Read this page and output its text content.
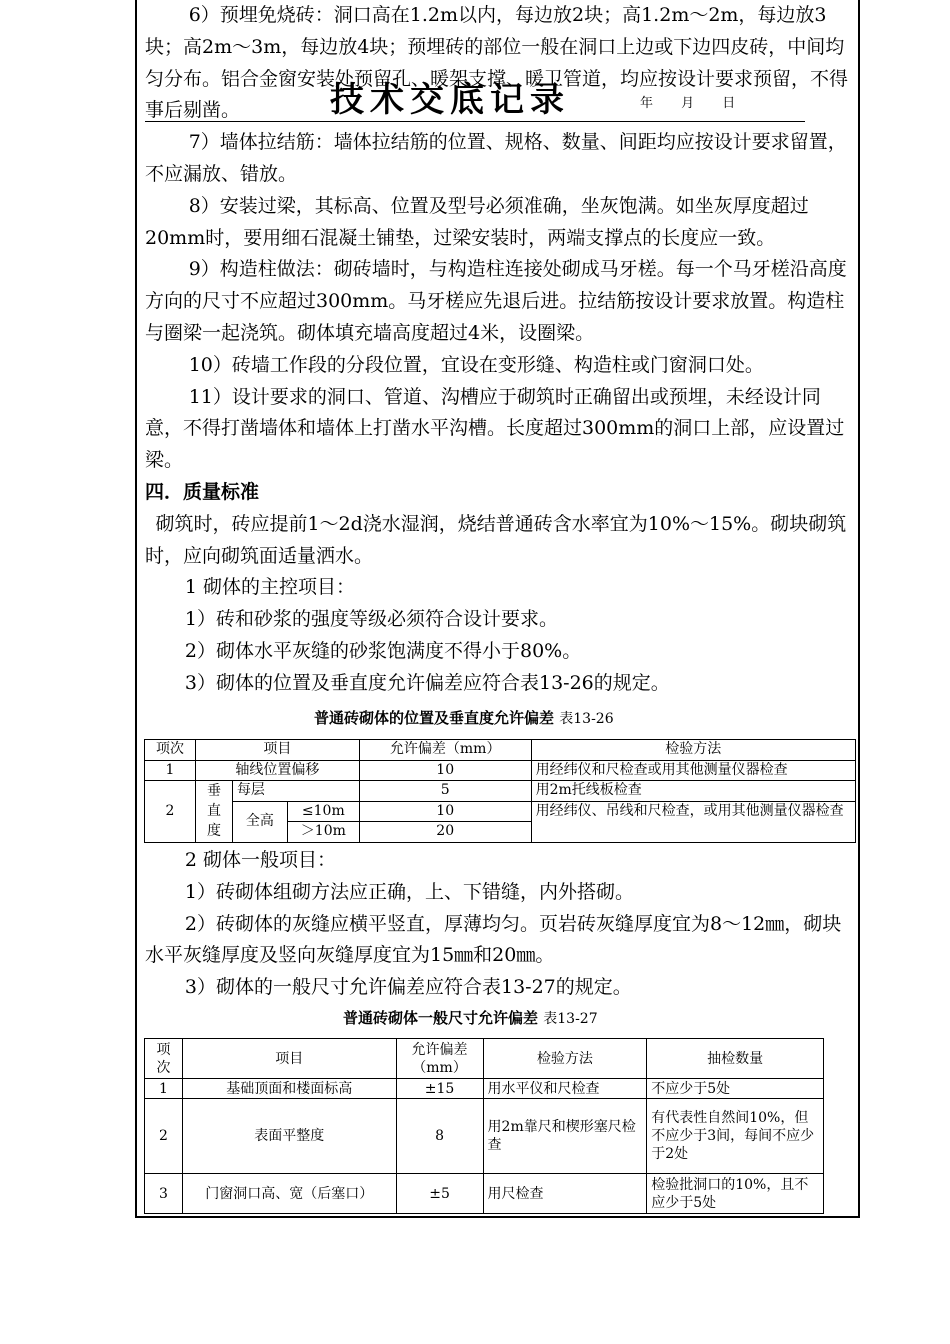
6）预埋免烧砖：洞口高在1.2m以内，每边放2块；高1.2m～2m，每边放3块；高2m～3m，每边放4块；预埋砖的部位一般在洞口上边或下边四皮砖，中间均匀分布。铝合金窗安装处预留孔、暖架支撑、暖卫管道，均应按设计要求预留，不得事后剔凿。

7）墙体拉结筋：墙体拉结筋的位置、规格、数量、间距均应按设计要求留置，不应漏放、错放。

8）安装过梁，其标高、位置及型号必须准确，坐灰饱满。如坐灰厚度超过20mm时，要用细石混凝土铺垫，过梁安装时，两端支撑点的长度应一致。

9）构造柱做法：砌砖墙时，与构造柱连接处砌成马牙槎。每一个马牙槎沿高度方向的尺寸不应超过300mm。马牙槎应先退后进。拉结筋按设计要求放置。构造柱与圈梁一起浇筑。砌体填充墙高度超过4米，设圈梁。

10）砖墙工作段的分段位置，宜设在变形缝、构造柱或门窗洞口处。

11）设计要求的洞口、管道、沟槽应于砌筑时正确留出或预埋，未经设计同意，不得打凿墙体和墙体上打凿水平沟槽。长度超过300mm的洞口上部，应设置过梁。

四．质量标准

砌筑时，砖应提前1～2d浇水湿润，烧结普通砖含水率宜为10%～15%。砌块砌筑时，应向砌筑面适量洒水。

1 砌体的主控项目：

1）砖和砂浆的强度等级必须符合设计要求。

2）砌体水平灰缝的砂浆饱满度不得小于80%。

3）砌体的位置及垂直度允许偏差应符合表13-26的规定。

技术交底记录	年 月 日
普通砖砌体的位置及垂直度允许偏差 表13-26
项次	项目			允许偏差（mm）	检验方法
1	轴线位置偏移			10	用经纬仪和尺检查或用其他测量仪器检查
2	垂直度	每层		5	用2m托线板检查
		全高	≤10m	10	用经纬仪、吊线和尺检查，或用其他测量仪器检查
			＞10m	20	

2 砌体一般项目：

1）砖砌体组砌方法应正确，上、下错缝，内外搭砌。

2）砖砌体的灰缝应横平竖直，厚薄均匀。页岩砖灰缝厚度宜为8～12㎜，砌块水平灰缝厚度及竖向灰缝厚度宜为15㎜和20㎜。

3）砌体的一般尺寸允许偏差应符合表13-27的规定。

普通砖砌体一般尺寸允许偏差 表13-27
项次	项目	允许偏差（mm）	检验方法	抽检数量
1	基础顶面和楼面标高	±15	用水平仪和尺检查	不应少于5处
2	表面平整度	8	用2m靠尺和楔形塞尺检查	有代表性自然间10%，但不应少于3间，每间不应少于2处
3	门窗洞口高、宽（后塞口）	±5	用尺检查	检验批洞口的10%，且不应少于5处
